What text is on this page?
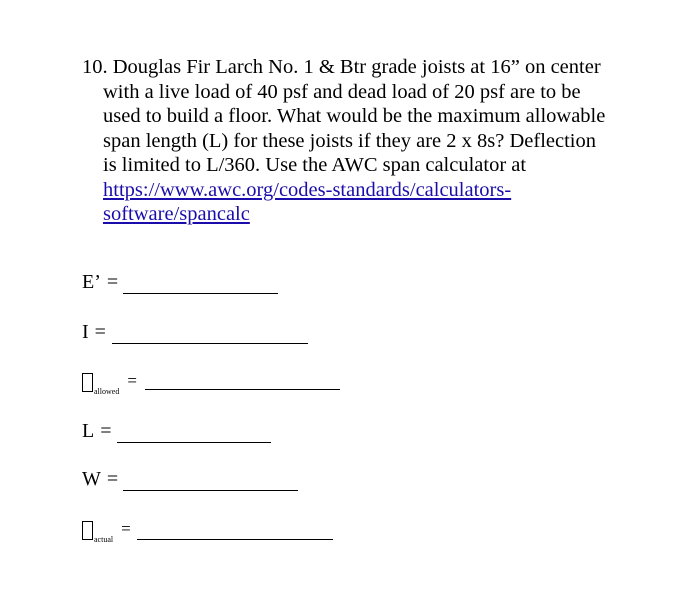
10. Douglas Fir Larch No. 1 & Btr grade joists at 16” on center
with a live load of 40 psf and dead load of 20 psf are to be
used to build a floor. What would be the maximum allowable
span length (L) for these joists if they are 2 x 8s? Deflection
is limited to L/360. Use the AWC span calculator at
https://www.awc.org/codes-standards/calculators-
software/spancalc
E’ =
I =
$_{allowed}$=
L =
W =
$_{actual}$=
